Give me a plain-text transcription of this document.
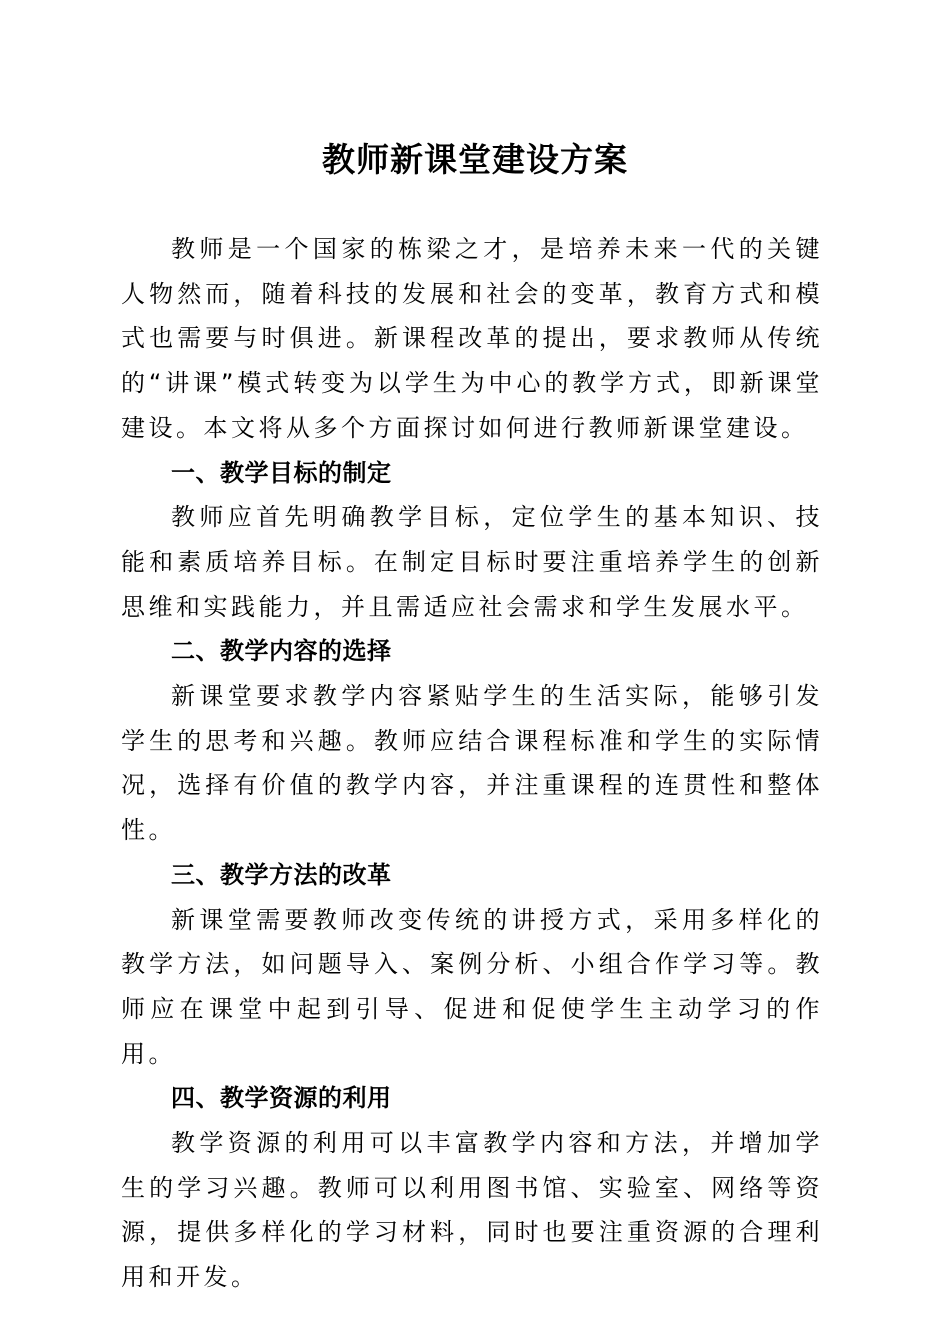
教师新课堂建设方案

教师是一个国家的栋梁之才，是培养未来一代的关键人物然而，随着科技的发展和社会的变革，教育方式和模式也需要与时俱进。新课程改革的提出，要求教师从传统的“讲课”模式转变为以学生为中心的教学方式，即新课堂建设。本文将从多个方面探讨如何进行教师新课堂建设。

一、教学目标的制定

教师应首先明确教学目标，定位学生的基本知识、技能和素质培养目标。在制定目标时要注重培养学生的创新思维和实践能力，并且需适应社会需求和学生发展水平。

二、教学内容的选择

新课堂要求教学内容紧贴学生的生活实际，能够引发学生的思考和兴趣。教师应结合课程标准和学生的实际情况，选择有价值的教学内容，并注重课程的连贯性和整体性。

三、教学方法的改革

新课堂需要教师改变传统的讲授方式，采用多样化的教学方法，如问题导入、案例分析、小组合作学习等。教师应在课堂中起到引导、促进和促使学生主动学习的作用。

四、教学资源的利用

教学资源的利用可以丰富教学内容和方法，并增加学生的学习兴趣。教师可以利用图书馆、实验室、网络等资源，提供多样化的学习材料，同时也要注重资源的合理利用和开发。
